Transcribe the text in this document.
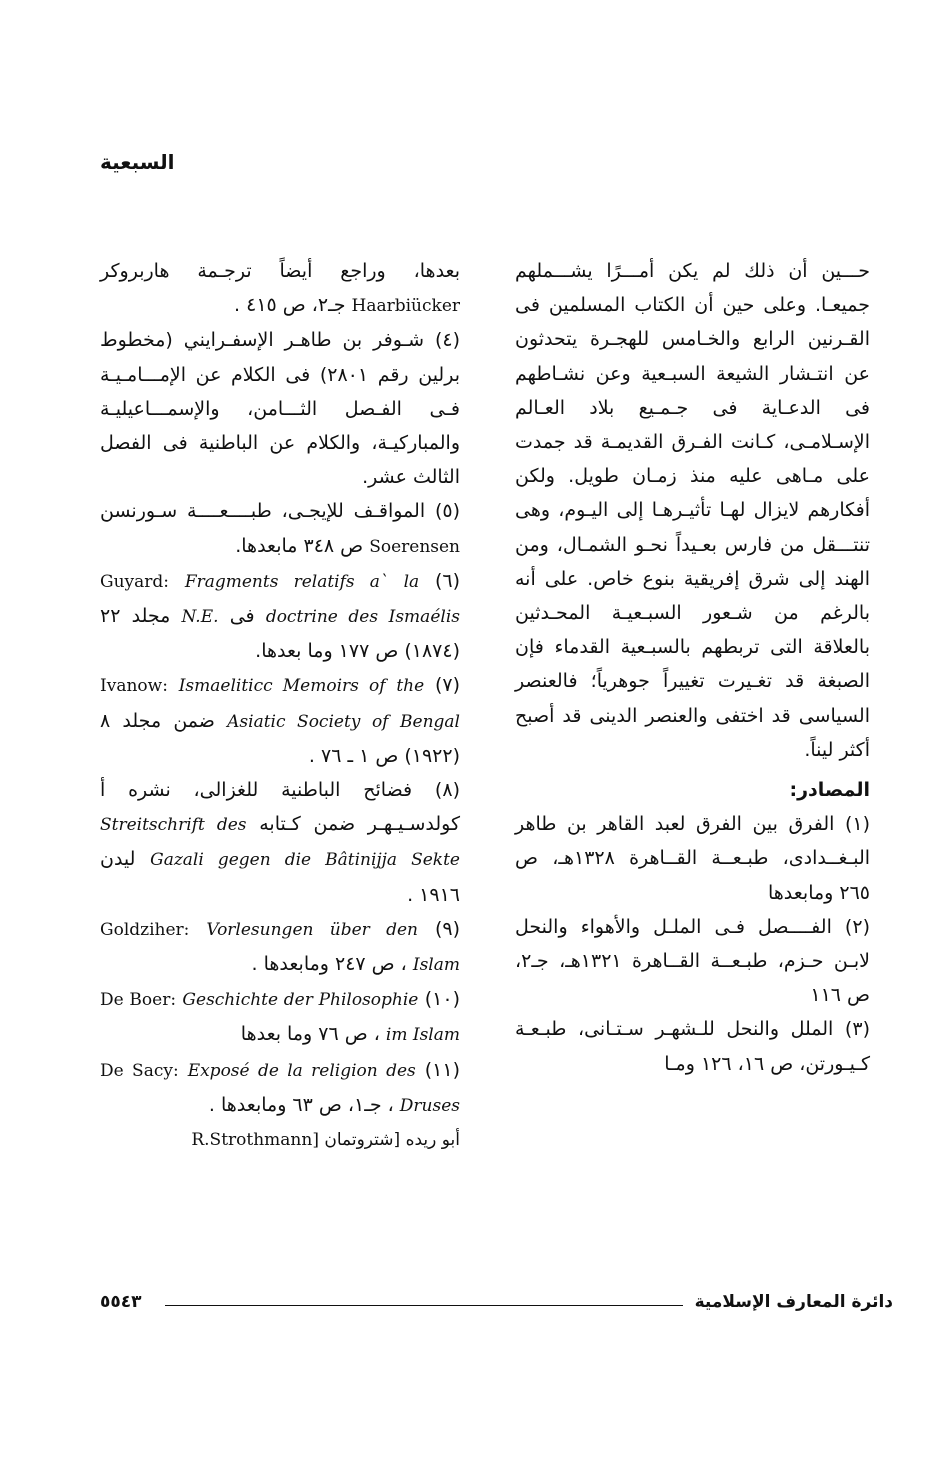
السبعية

حـــين أن ذلك لم يكن أمـــرًا يشـــملهم جميعـا. وعلى حين أن الكتاب المسلمين فى القـرنين الرابع والخـامس للهجـرة يتحدثون عن انتـشار الشيعة السبـعية وعن نشـاطهم فى الدعـاية فى جـمـيع بلاد العـالم الإسـلامـى، كـانت الفـرق القديمـة قد جمدت على مـاهى عليه منذ زمـان طويل. ولكن أفكارهم لايزال لهـا تأثيـرهـا إلى اليـوم، وهى تنتـــقل من فارس بعـيداً نحـو الشمـال، ومن الهند إلى شرق إفريقية بنوع خاص. على أنه بالرغم من شـعور السبـعيـة المحـدثين بالعلاقة التى تربطهم بالسبـعية القدماء فإن الصبغة قد تغـيرت تغييراً جوهرياً؛ فالعنصر السياسى قد اختفى والعنصر الدينى قد أصبح أكثر ليناً.

المصادر:

(١) الفرق بين الفرق لعبد القاهر بن طاهر البـغــدادى، طبـعــة القــاهرة ١٣٢٨هـ، ص ٢٦٥ ومابعدها

(٢) الفــــصل فـى الملـل والأهواء والنحل لابـن حـزم، طبـعــة القــاهرة ١٣٢١هـ، جـ٢، ص ١١٦

(٣) الملل والنحل للـشهـر سـتـانى، طبـعـة كـيـورتن، ص ١٦، ١٢٦ ومـا

بعدها، وراجع أيضاً ترجـمة هاربروكر Haarbiücker جـ٢، ص ٤١٥ .

(٤) شـوفر بن طاهـر الإسفـرايني (مخطوط برلين رقم ٢٨٠١) فى الكلام عن الإمـــامـيـة فـى الفـصل الثـــامن، والإسمـــاعيليـة والمباركيـة، والكلام عن الباطنية فى الفصل الثالث عشر.

(٥) المواقـف للإيجـى، طبــــعــــة سـورنسن Soerensen ص ٣٤٨ مابعدها.

(٦) Guyard: Fragments relatifs a` la doctrine des Ismaélis فى N.E. مجلد ٢٢ (١٨٧٤) ص ١٧٧ وما بعدها.

(٧) Ivanow: Ismaeliticc Memoirs of the Asiatic Society of Bengal ضمن مجلد ٨ (١٩٢٢) ص ١ ـ ٧٦ .

(٨) فضائح الباطنية للغزالى، نشره أ كولدسـيـهـر ضمن كـتابه Streitschrift des Gazali gegen die Bâtinijja Sekte ليدن ١٩١٦ .

(٩) Goldziher: Vorlesungen über den Islam ، ص ٢٤٧ ومابعدها .

(١٠) De Boer: Geschichte der Philosophie im Islam ، ص ٧٦ وما بعدها

(١١) De Sacy: Exposé de la religion des Druses ، جـ١، ص ٦٣ ومابعدها .

أبو ريده [شتروتمان R.Strothmann]

دائرة المعارف الإسلامية
٥٥٤٣
